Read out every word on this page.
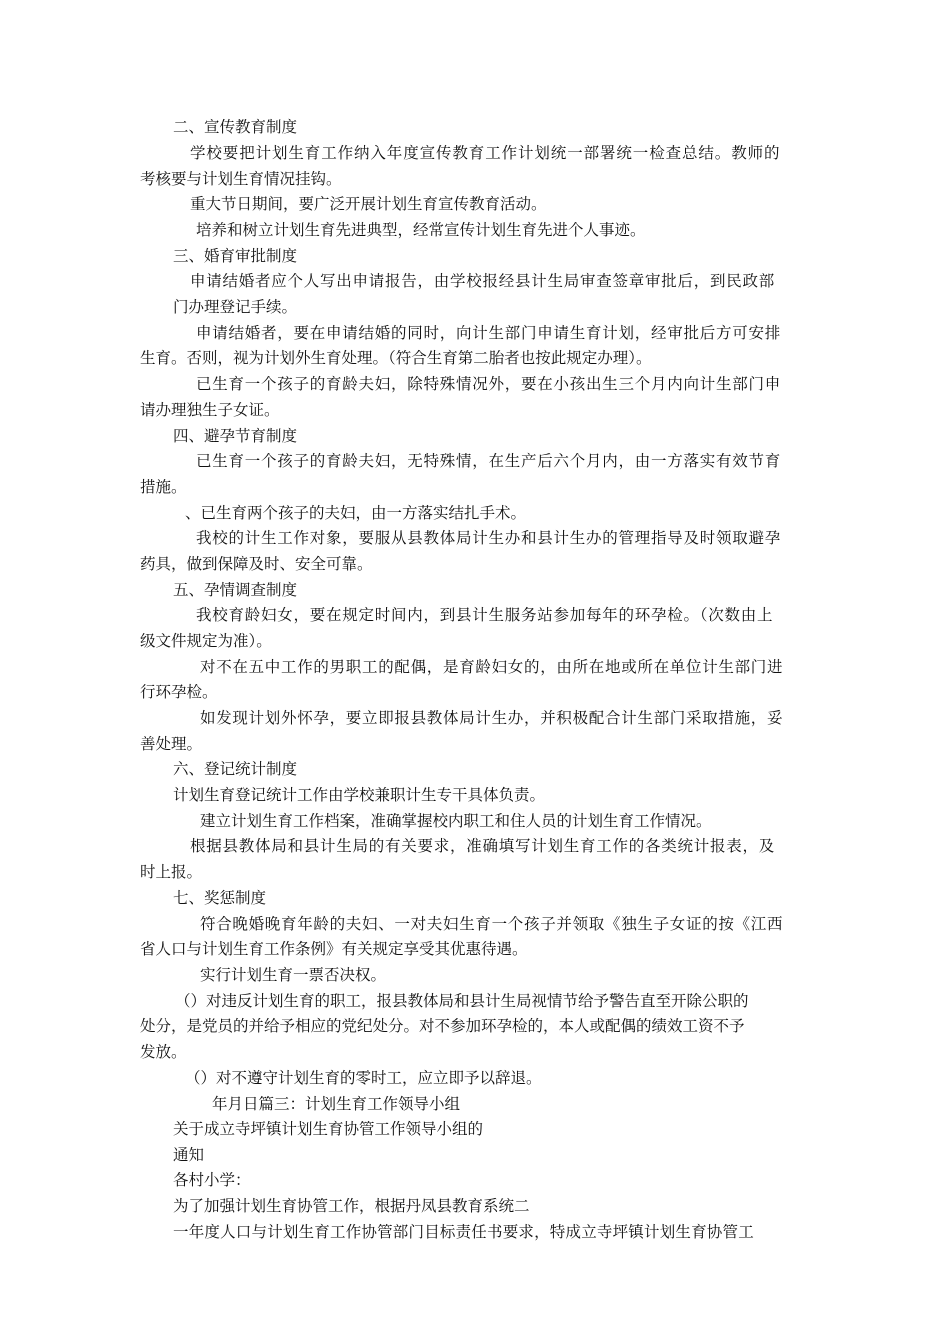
二、宣传教育制度
学校要把计划生育工作纳入年度宣传教育工作计划统一部署统一检查总结。教师的
考核要与计划生育情况挂钩。
重大节日期间，要广泛开展计划生育宣传教育活动。
培养和树立计划生育先进典型，经常宣传计划生育先进个人事迹。
三、婚育审批制度
申请结婚者应个人写出申请报告，由学校报经县计生局审查签章审批后，到民政部
门办理登记手续。
申请结婚者，要在申请结婚的同时，向计生部门申请生育计划，经审批后方可安排
生育。否则，视为计划外生育处理。（符合生育第二胎者也按此规定办理）。
已生育一个孩子的育龄夫妇，除特殊情况外，要在小孩出生三个月内向计生部门申
请办理独生子女证。
四、避孕节育制度
已生育一个孩子的育龄夫妇，无特殊情，在生产后六个月内，由一方落实有效节育
措施。
、已生育两个孩子的夫妇，由一方落实结扎手术。
我校的计生工作对象，要服从县教体局计生办和县计生办的管理指导及时领取避孕
药具，做到保障及时、安全可靠。
五、孕情调查制度
我校育龄妇女，要在规定时间内，到县计生服务站参加每年的环孕检。（次数由上
级文件规定为准）。
对不在五中工作的男职工的配偶，是育龄妇女的，由所在地或所在单位计生部门进
行环孕检。
如发现计划外怀孕，要立即报县教体局计生办，并积极配合计生部门采取措施，妥
善处理。
六、登记统计制度
计划生育登记统计工作由学校兼职计生专干具体负责。
建立计划生育工作档案，准确掌握校内职工和住人员的计划生育工作情况。
根据县教体局和县计生局的有关要求，准确填写计划生育工作的各类统计报表，及
时上报。
七、奖惩制度
符合晚婚晚育年龄的夫妇、一对夫妇生育一个孩子并领取《独生子女证的按《江西
省人口与计划生育工作条例》有关规定享受其优惠待遇。
实行计划生育一票否决权。
（）对违反计划生育的职工，报县教体局和县计生局视情节给予警告直至开除公职的
处分，是党员的并给予相应的党纪处分。对不参加环孕检的，本人或配偶的绩效工资不予
发放。
（）对不遵守计划生育的零时工，应立即予以辞退。
年月日篇三：计划生育工作领导小组
关于成立寺坪镇计划生育协管工作领导小组的
通知
各村小学：
为了加强计划生育协管工作，根据丹凤县教育系统二
一年度人口与计划生育工作协管部门目标责任书要求，特成立寺坪镇计划生育协管工
